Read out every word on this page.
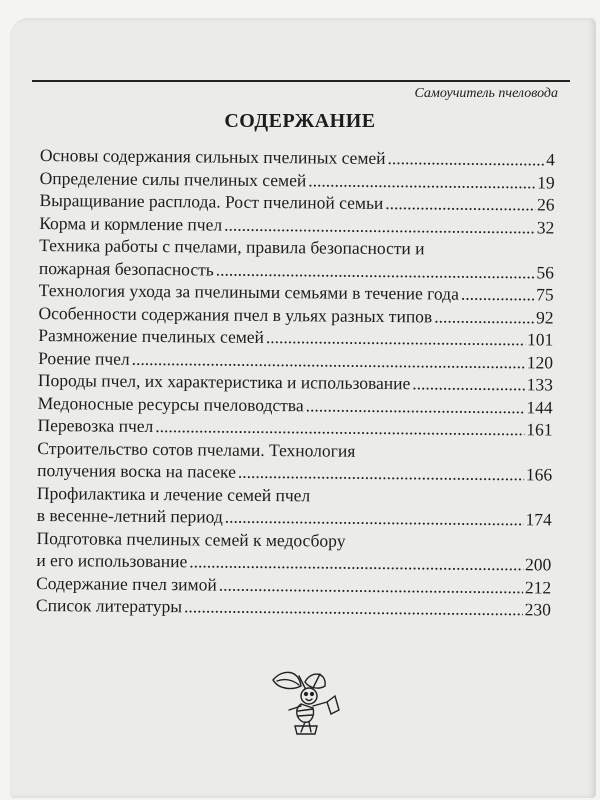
Самоучитель пчеловода
СОДЕРЖАНИЕ
Основы содержания сильных пчелиных семей .....	4
Определение силы пчелиных семей .....	19
Выращивание расплода. Рост пчелиной семьи .....	26
Корма и кормление пчел .....	32
Техника работы с пчелами, правила безопасности и
пожарная безопасность .....	56
Технология ухода за пчелиными семьями в течение года .....	75
Особенности содержания пчел в ульях разных типов .....	92
Размножение пчелиных семей .....	101
Роение пчел .....	120
Породы пчел, их характеристика и использование .....	133
Медоносные ресурсы пчеловодства .....	144
Перевозка пчел .....	161
Строительство сотов пчелами. Технология
получения воска на пасеке .....	166
Профилактика и лечение семей пчел
в весенне-летний период .....	174
Подготовка пчелиных семей к медосбору
и его использование .....	200
Содержание пчел зимой .....	212
Список литературы .....	230
